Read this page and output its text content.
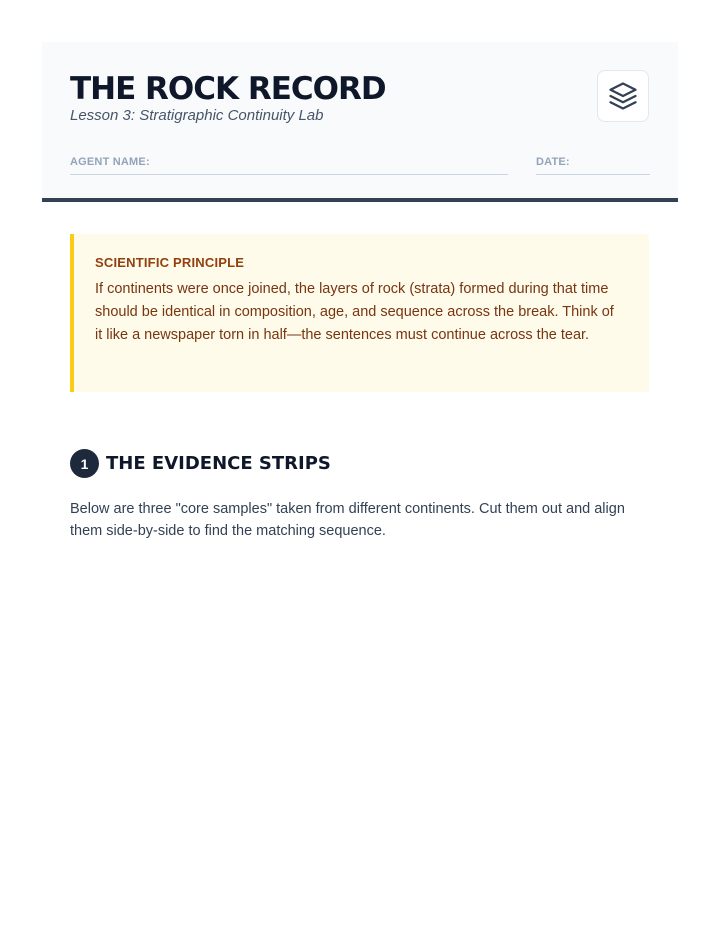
THE ROCK RECORD
Lesson 3: Stratigraphic Continuity Lab
AGENT NAME:	DATE:
SCIENTIFIC PRINCIPLE
If continents were once joined, the layers of rock (strata) formed during that time should be identical in composition, age, and sequence across the break. Think of it like a newspaper torn in half—the sentences must continue across the tear.
1 THE EVIDENCE STRIPS
Below are three "core samples" taken from different continents. Cut them out and align them side-by-side to find the matching sequence.
